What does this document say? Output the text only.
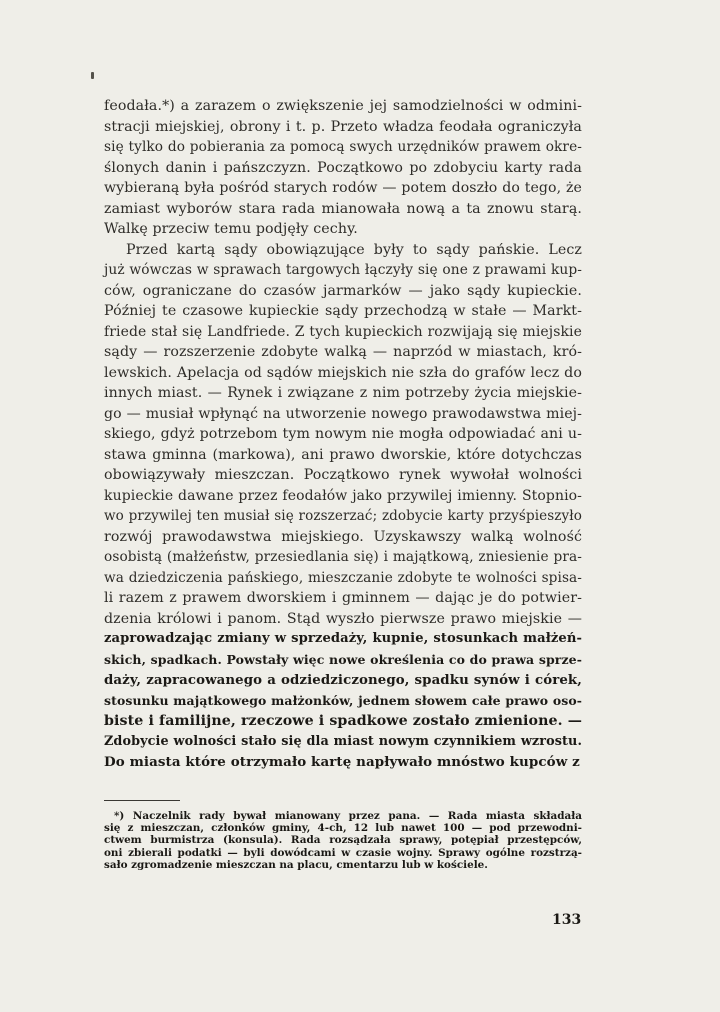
feodała.*) a zarazem o zwiększenie jej samodzielności w odmini-
stracji miejskiej, obrony i t. p. Przeto władza feodała ograniczyła
się tylko do pobierania za pomocą swych urzędników prawem okre-
ślonych danin i pańszczyzn. Początkowo po zdobyciu karty rada
wybieraną była pośród starych rodów — potem doszło do tego, że
zamiast wyborów stara rada mianowała nową a ta znowu starą.
Walkę przeciw temu podjęły cechy.

Przed kartą sądy obowiązujące były to sądy pańskie. Lecz
już wówczas w sprawach targowych łączyły się one z prawami kup-
ców, ograniczane do czasów jarmarków — jako sądy kupieckie.
Później te czasowe kupieckie sądy przechodzą w stałe — Markt-
friede stał się Landfriede. Z tych kupieckich rozwijają się miejskie
sądy — rozszerzenie zdobyte walką — naprzód w miastach, kró-
lewskich. Apelacja od sądów miejskich nie szła do grafów lecz do
innych miast. — Rynek i związane z nim potrzeby życia miejskie-
go — musiał wpłynąć na utworzenie nowego prawodawstwa miej-
skiego, gdyż potrzebom tym nowym nie mogła odpowiadać ani u-
stawa gminna (markowa), ani prawo dworskie, które dotychczas
obowiązywały mieszczan. Początkowo rynek wywołał wolności
kupieckie dawane przez feodałów jako przywilej imienny. Stopnio-
wo przywilej ten musiał się rozszerzać; zdobycie karty przyśpieszyło
rozwój prawodawstwa miejskiego. Uzyskawszy walką wolność
osobistą (małżeństw, przesiedlania się) i majątkową, zniesienie pra-
wa dziedziczenia pańskiego, mieszczanie zdobyte te wolności spisa-
li razem z prawem dworskiem i gminnem — dając je do potwier-
dzenia królowi i panom. Stąd wyszło pierwsze prawo miejskie —
zaprowadzając zmiany w sprzedaży, kupnie, stosunkach małżeń-
skich, spadkach. Powstały więc nowe określenia co do prawa sprze-
daży, zapracowanego a odziedziczonego, spadku synów i córek,
stosunku majątkowego małżonków, jednem słowem całe prawo oso-
biste i familijne, rzeczowe i spadkowe zostało zmienione. —
Zdobycie wolności stało się dla miast nowym czynnikiem wzrostu.
Do miasta które otrzymało kartę napływało mnóstwo kupców z

*) Naczelnik rady bywał mianowany przez pana. — Rada miasta składała
się z mieszczan, członków gminy, 4-ch, 12 lub nawet 100 — pod przewodni-
ctwem burmistrza (konsula). Rada rozsądzała sprawy, potępiał przestępców,
oni zbierali podatki — byli dowódcami w czasie wojny. Sprawy ogólne rozstrzą-
sało zgromadzenie mieszczan na placu, cmentarzu lub w kościele.
133
